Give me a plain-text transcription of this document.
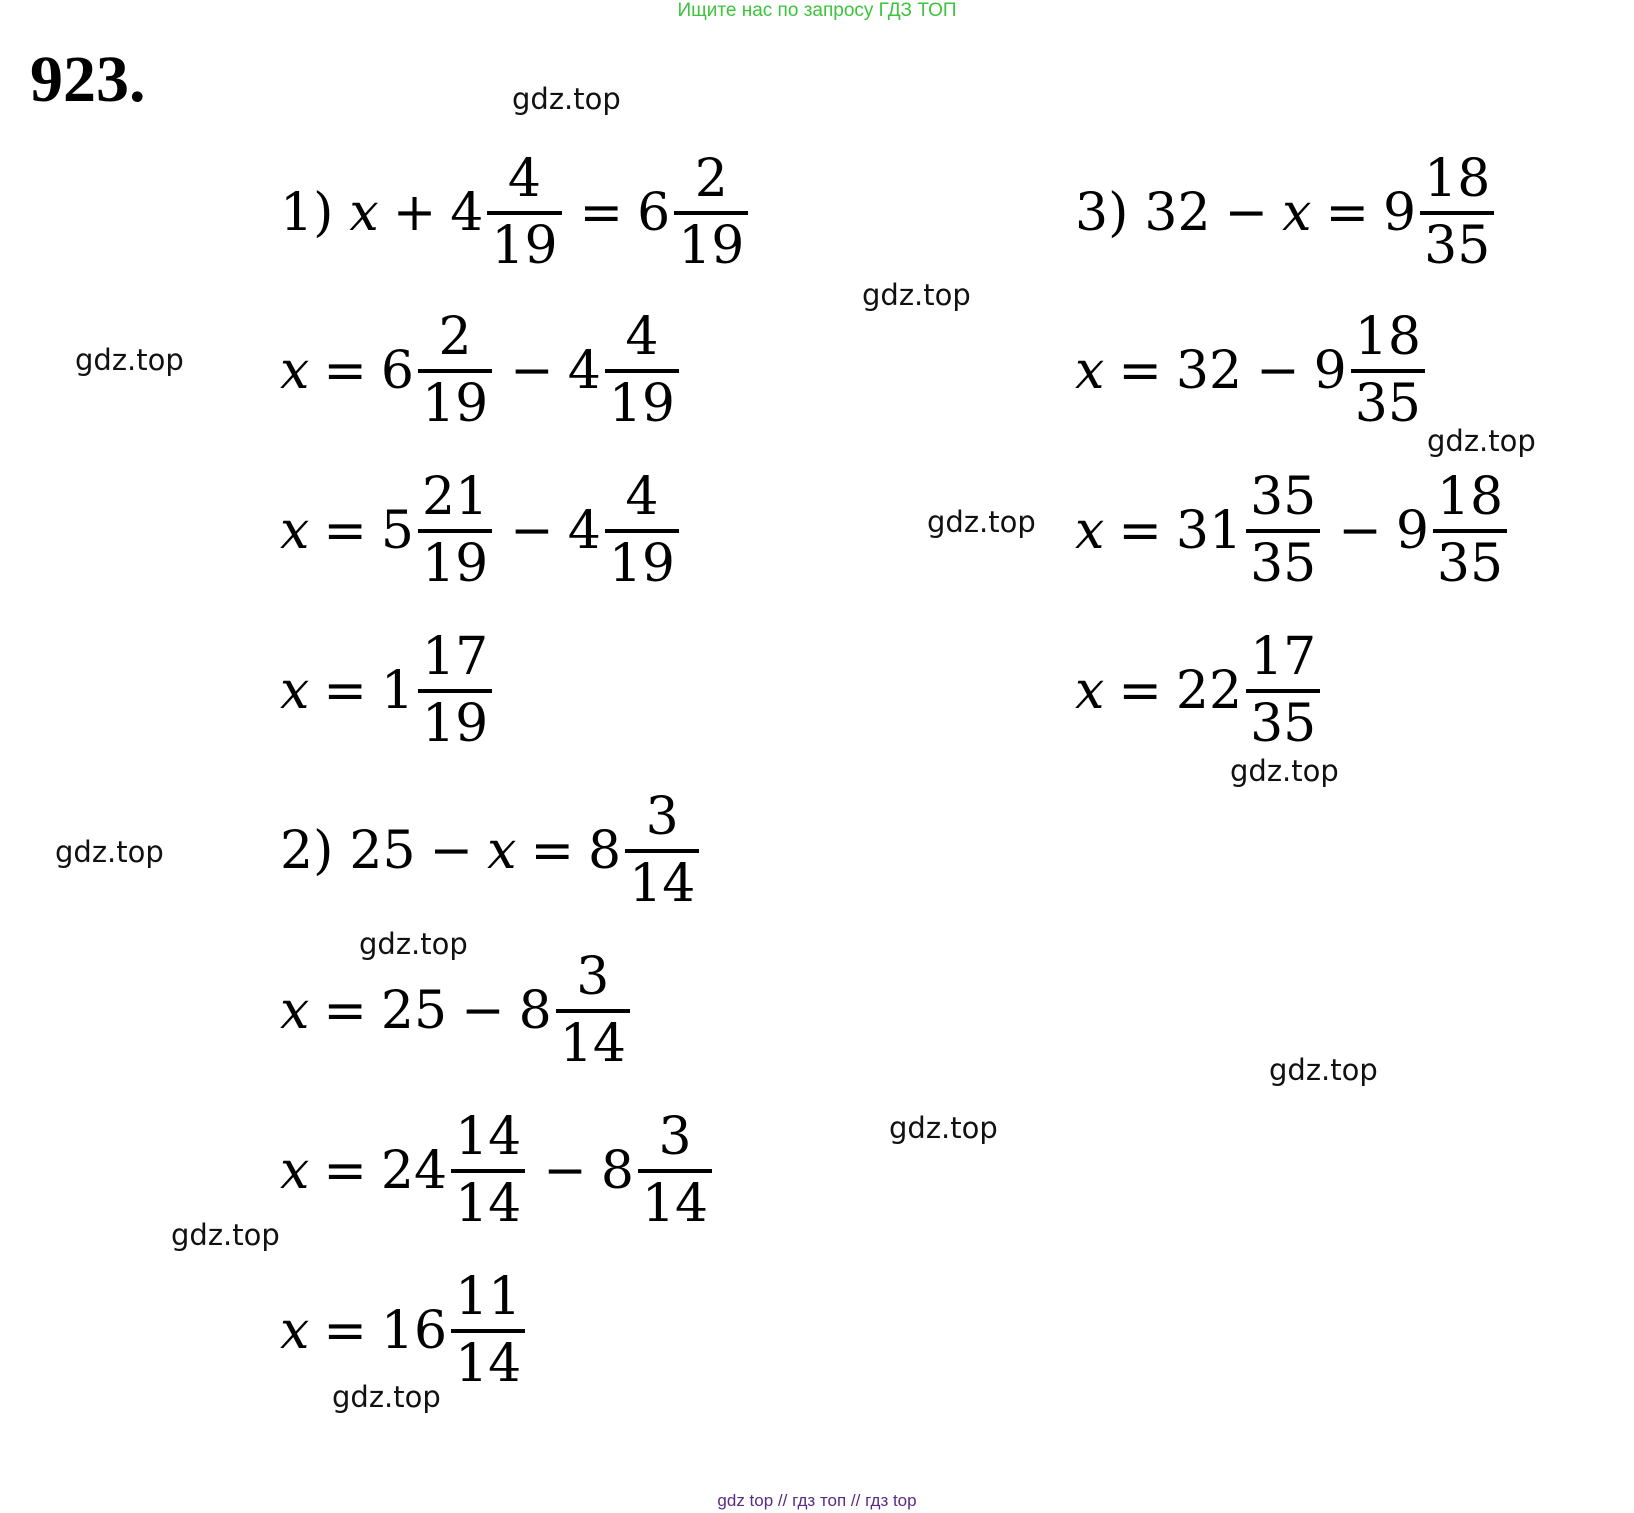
Ищите нас по запросу ГДЗ ТОП
923.	gdz.top
gdz.top
gdz.top
gdz.top
gdz.top
gdz.top
gdz.top
gdz.top
gdz.top
gdz.top
gdz.top
gdz.top
1) $x + 4 \frac{4}{19} = 6 \frac{2}{19}$
$x = 6 \frac{2}{19} - 4 \frac{4}{19}$
$x = 5 \frac{21}{19} - 4 \frac{4}{19}$
$x = 1 \frac{17}{19}$
2) $25 - x = 8 \frac{3}{14}$
$x = 25 - 8 \frac{3}{14}$
$x = 24 \frac{14}{14} - 8 \frac{3}{14}$
$x = 16 \frac{11}{14}$
3) $32 - x = 9 \frac{18}{35}$
$x = 32 - 9 \frac{18}{35}$
$x = 31 \frac{35}{35} - 9 \frac{18}{35}$
$x = 22 \frac{17}{35}$
gdz top // гдз топ // гдз top
